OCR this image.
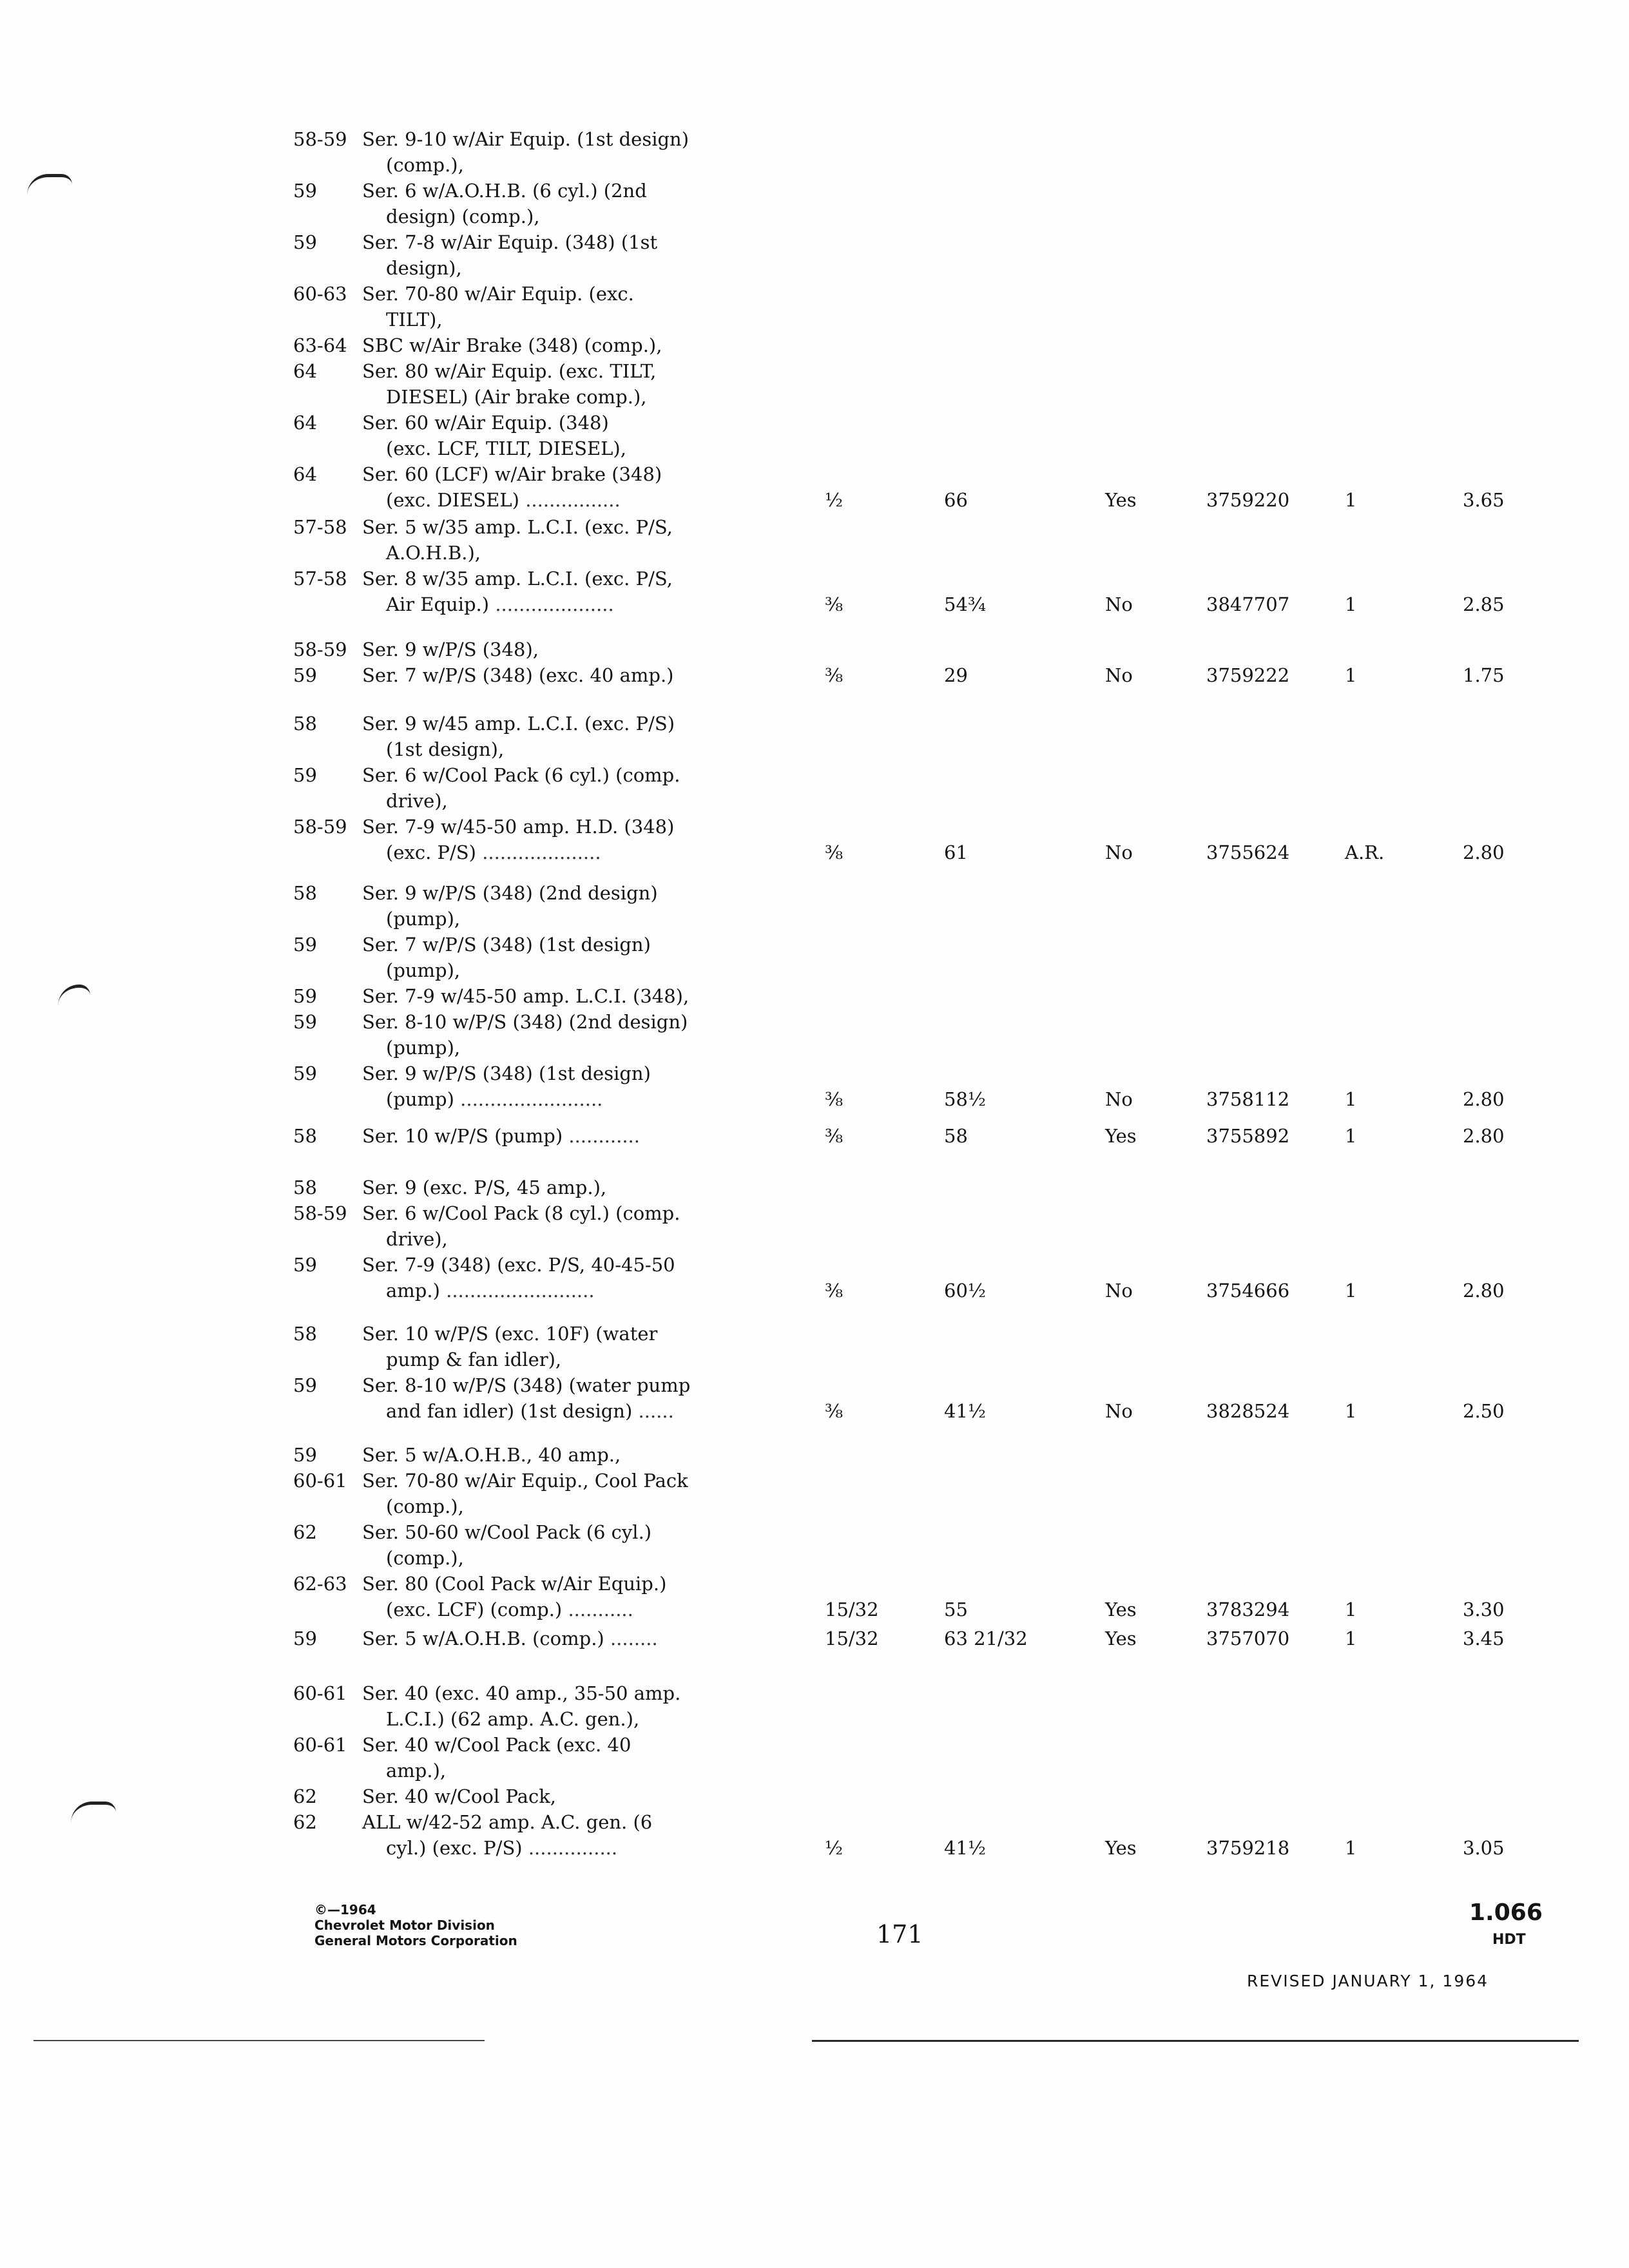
58-59 Ser. 9-10 w/Air Equip. (1st design)
(comp.),
59 Ser. 6 w/A.O.H.B. (6 cyl.) (2nd
design) (comp.),
59 Ser. 7-8 w/Air Equip. (348) (1st
design),
60-63 Ser. 70-80 w/Air Equip. (exc.
TILT),
63-64 SBC w/Air Brake (348) (comp.),
64 Ser. 80 w/Air Equip. (exc. TILT,
DIESEL) (Air brake comp.),
64 Ser. 60 w/Air Equip. (348)
(exc. LCF, TILT, DIESEL),
64 Ser. 60 (LCF) w/Air brake (348)
(exc. DIESEL) ................	½	66	Yes	3759220	1	3.65
57-58 Ser. 5 w/35 amp. L.C.I. (exc. P/S,
A.O.H.B.),
57-58 Ser. 8 w/35 amp. L.C.I. (exc. P/S,
Air Equip.) ....................	⅜	54¾	No	3847707	1	2.85
58-59 Ser. 9 w/P/S (348),
59 Ser. 7 w/P/S (348) (exc. 40 amp.)	⅜	29	No	3759222	1	1.75
58 Ser. 9 w/45 amp. L.C.I. (exc. P/S)
(1st design),
59 Ser. 6 w/Cool Pack (6 cyl.) (comp.
drive),
58-59 Ser. 7-9 w/45-50 amp. H.D. (348)
(exc. P/S) ....................	⅜	61	No	3755624	A.R.	2.80
58 Ser. 9 w/P/S (348) (2nd design)
(pump),
59 Ser. 7 w/P/S (348) (1st design)
(pump),
59 Ser. 7-9 w/45-50 amp. L.C.I. (348),
59 Ser. 8-10 w/P/S (348) (2nd design)
(pump),
59 Ser. 9 w/P/S (348) (1st design)
(pump) ........................	⅜	58½	No	3758112	1	2.80
58 Ser. 10 w/P/S (pump) ............	⅜	58	Yes	3755892	1	2.80
58 Ser. 9 (exc. P/S, 45 amp.),
58-59 Ser. 6 w/Cool Pack (8 cyl.) (comp.
drive),
59 Ser. 7-9 (348) (exc. P/S, 40-45-50
amp.) .........................	⅜	60½	No	3754666	1	2.80
58 Ser. 10 w/P/S (exc. 10F) (water
pump & fan idler),
59 Ser. 8-10 w/P/S (348) (water pump
and fan idler) (1st design) ......	⅜	41½	No	3828524	1	2.50
59 Ser. 5 w/A.O.H.B., 40 amp.,
60-61 Ser. 70-80 w/Air Equip., Cool Pack
(comp.),
62 Ser. 50-60 w/Cool Pack (6 cyl.)
(comp.),
62-63 Ser. 80 (Cool Pack w/Air Equip.)
(exc. LCF) (comp.) ...........	15/32	55	Yes	3783294	1	3.30
59 Ser. 5 w/A.O.H.B. (comp.) ........	15/32	63 21/32	Yes	3757070	1	3.45
60-61 Ser. 40 (exc. 40 amp., 35-50 amp.
L.C.I.) (62 amp. A.C. gen.),
60-61 Ser. 40 w/Cool Pack (exc. 40
amp.),
62 Ser. 40 w/Cool Pack,
62 ALL w/42-52 amp. A.C. gen. (6
cyl.) (exc. P/S) ...............	½	41½	Yes	3759218	1	3.05
©—1964
Chevrolet Motor Division
General Motors Corporation	171
1.066
HDT
REVISED JANUARY 1, 1964
